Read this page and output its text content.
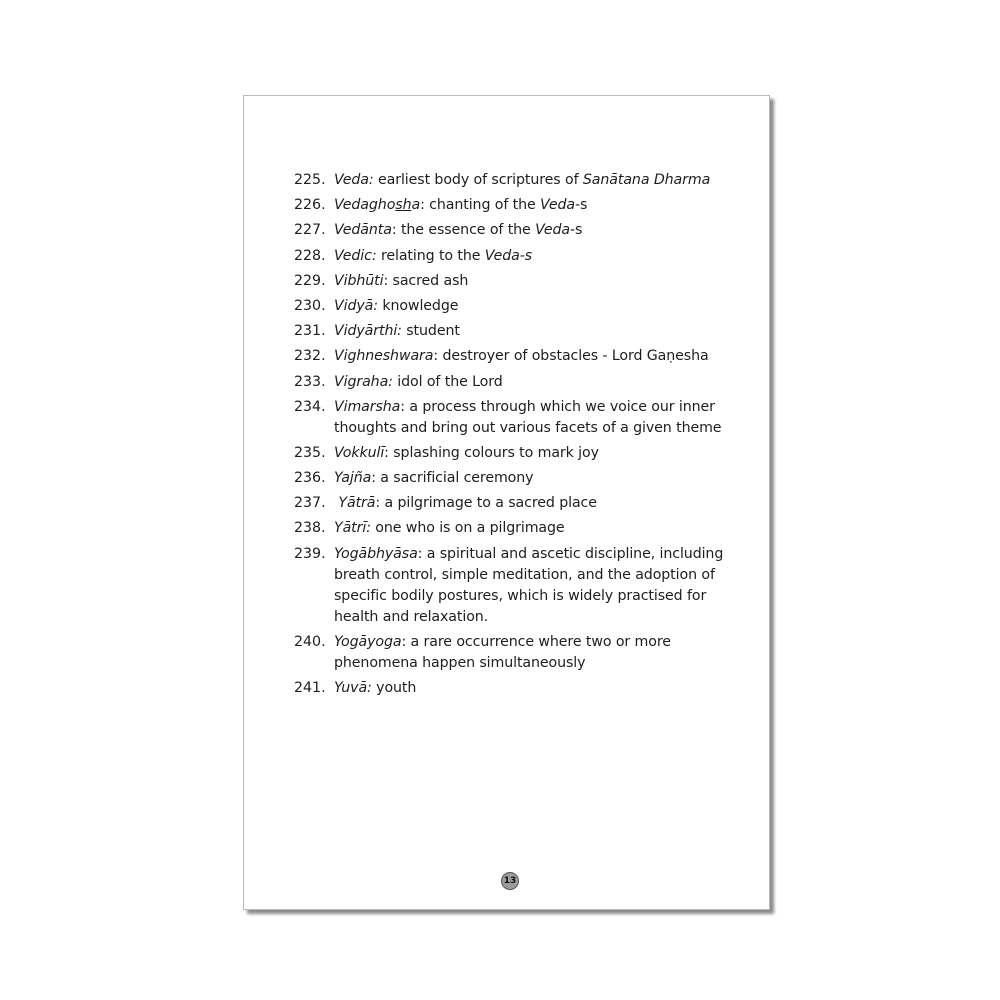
225. Veda: earliest body of scriptures of Sanātana Dharma
226. Vedaghosha: chanting of the Veda-s
227. Vedānta: the essence of the Veda-s
228. Vedic: relating to the Veda-s
229. Vibhūti: sacred ash
230. Vidyā: knowledge
231. Vidyārthi: student
232. Vighneshwara: destroyer of obstacles - Lord Gaṇesha
233. Vigraha: idol of the Lord
234. Vimarsha: a process through which we voice our inner thoughts and bring out various facets of a given theme
235. Vokkulī: splashing colours to mark joy
236. Yajña: a sacrificial ceremony
237. Yātrā: a pilgrimage to a sacred place
238. Yātrī: one who is on a pilgrimage
239. Yogābhyāsa: a spiritual and ascetic discipline, including breath control, simple meditation, and the adoption of specific bodily postures, which is widely practised for health and relaxation.
240. Yogāyoga: a rare occurrence where two or more phenomena happen simultaneously
241. Yuvā: youth
13
